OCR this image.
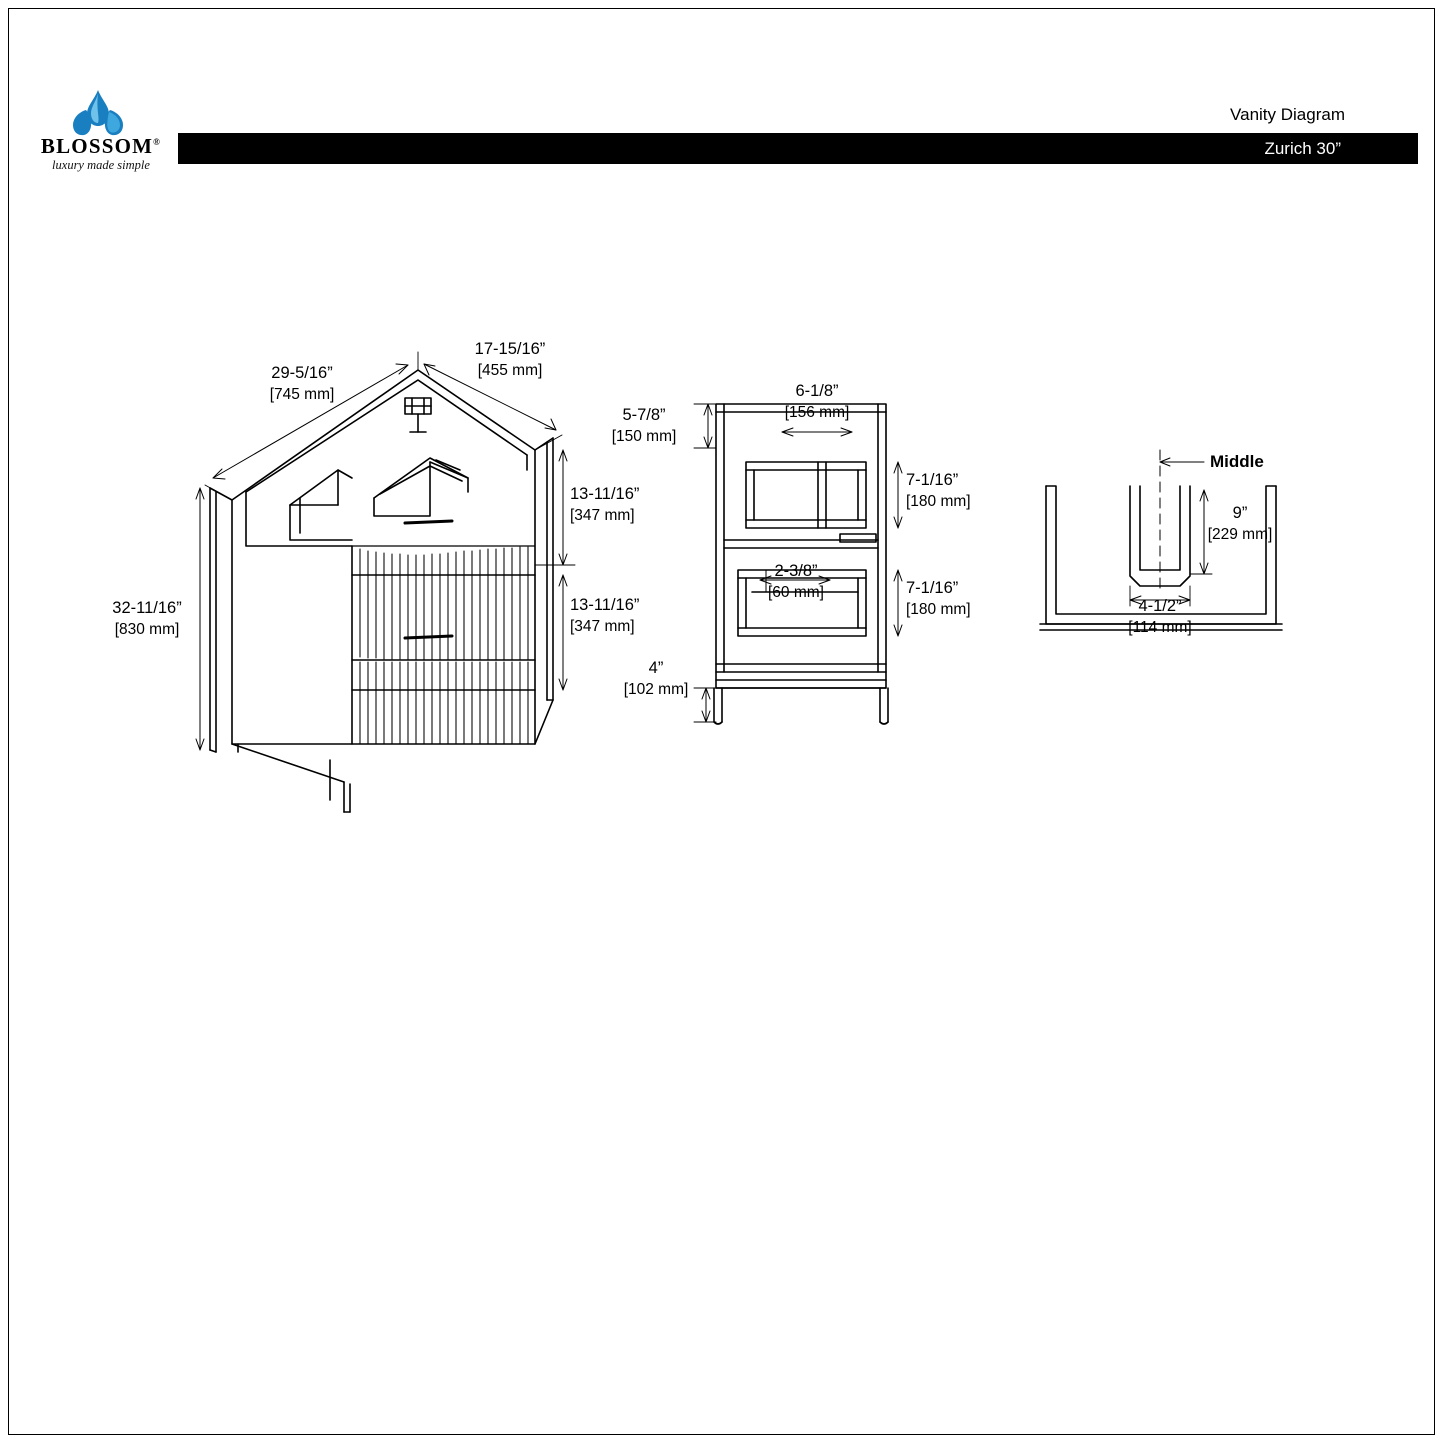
BLOSSOM®
luxury made simple
Vanity Diagram
Zurich 30”
29-5/16”
[745 mm]
17-15/16”
[455 mm]
32-11/16”
[830 mm]
13-11/16”
[347 mm]
13-11/16”
[347 mm]
5-7/8”
[150 mm]
6-1/8”
[156 mm]
7-1/16”
[180 mm]
2-3/8”
[60 mm]	7-1/16”
[180 mm]
4”
[102 mm]
Middle
9”
[229 mm]
4-1/2”
[114 mm]
